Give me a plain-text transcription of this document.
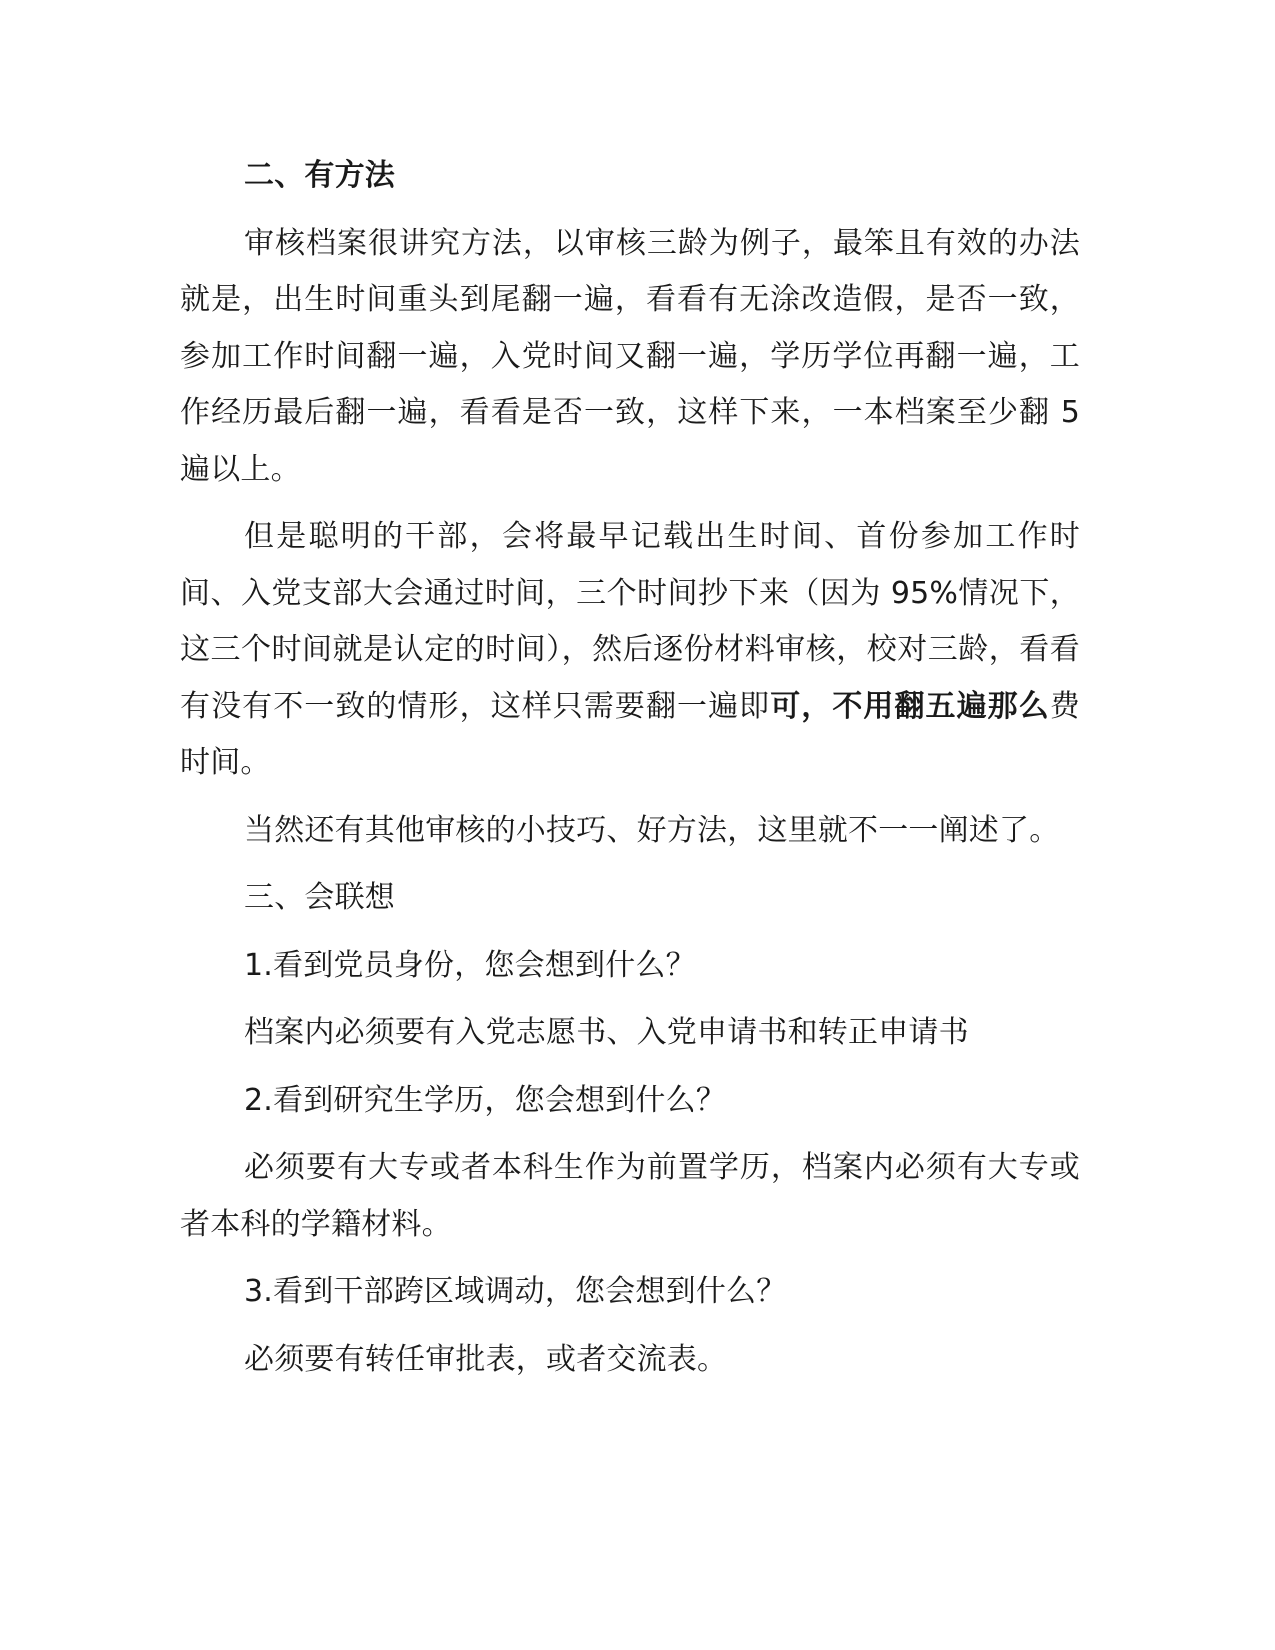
二、有方法

审核档案很讲究方法，以审核三龄为例子，最笨且有效的办法就是，出生时间重头到尾翻一遍，看看有无涂改造假，是否一致，参加工作时间翻一遍，入党时间又翻一遍，学历学位再翻一遍，工作经历最后翻一遍，看看是否一致，这样下来，一本档案至少翻 5 遍以上。

但是聪明的干部，会将最早记载出生时间、首份参加工作时间、入党支部大会通过时间，三个时间抄下来（因为 95%情况下，这三个时间就是认定的时间），然后逐份材料审核，校对三龄，看看有没有不一致的情形，这样只需要翻一遍即可，不用翻五遍那么费时间。

当然还有其他审核的小技巧、好方法，这里就不一一阐述了。

三、会联想

1.看到党员身份，您会想到什么？

档案内必须要有入党志愿书、入党申请书和转正申请书

2.看到研究生学历，您会想到什么？

必须要有大专或者本科生作为前置学历，档案内必须有大专或者本科的学籍材料。

3.看到干部跨区域调动，您会想到什么？

必须要有转任审批表，或者交流表。
